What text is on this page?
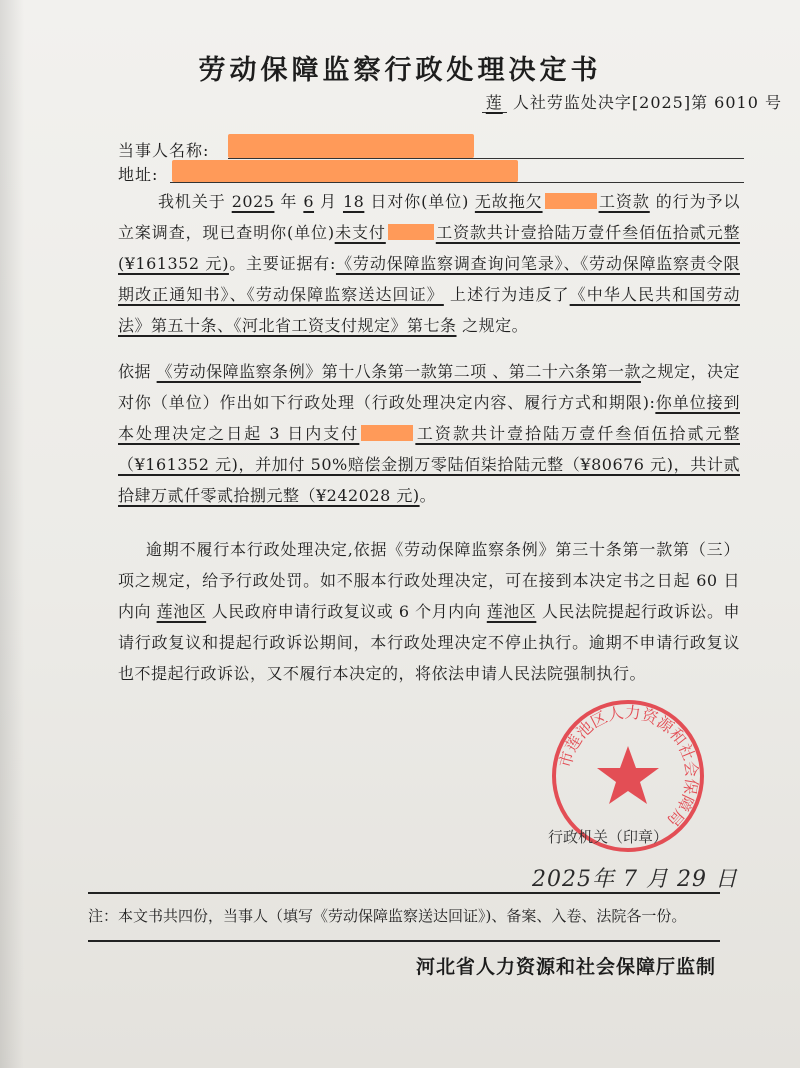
劳动保障监察行政处理决定书
莲 人社劳监处决字[2025]第 6010 号
当事人名称:
地址:
我机关于 2025 年 6 月 18 日对你(单位) 无故拖欠	工资款 的行为予以立案调查，现已查明你(单位)未支付	工资款共计壹拾陆万壹仟叁佰伍拾贰元整(¥161352 元)。主要证据有:《劳动保障监察调查询问笔录》、《劳动保障监察责令限期改正通知书》、《劳动保障监察送达回证》 上述行为违反了《中华人民共和国劳动法》第五十条、《河北省工资支付规定》第七条 之规定。
依据 《劳动保障监察条例》第十八条第一款第二项 、第二十六条第一款之规定，决定对你（单位）作出如下行政处理（行政处理决定内容、履行方式和期限):你单位接到本处理决定之日起 3 日内支付	工资款共计壹拾陆万壹仟叁佰伍拾贰元整（¥161352 元)，并加付 50%赔偿金捌万零陆佰柒拾陆元整（¥80676 元)，共计贰拾肆万贰仟零贰拾捌元整（¥242028 元)。
逾期不履行本行政处理决定,依据《劳动保障监察条例》第三十条第一款第（三）项之规定，给予行政处罚。如不服本行政处理决定，可在接到本决定书之日起 60 日内向 莲池区 人民政府申请行政复议或 6 个月内向 莲池区 人民法院提起行政诉讼。申请行政复议和提起行政诉讼期间，本行政处理决定不停止执行。逾期不申请行政复议也不提起行政诉讼，又不履行本决定的，将依法申请人民法院强制执行。
市莲池区人力资源和社会保障局
行政机关（印章）
2025年 7 月 29 日
注：本文书共四份，当事人（填写《劳动保障监察送达回证》)、备案、入卷、法院各一份。
河北省人力资源和社会保障厅监制
